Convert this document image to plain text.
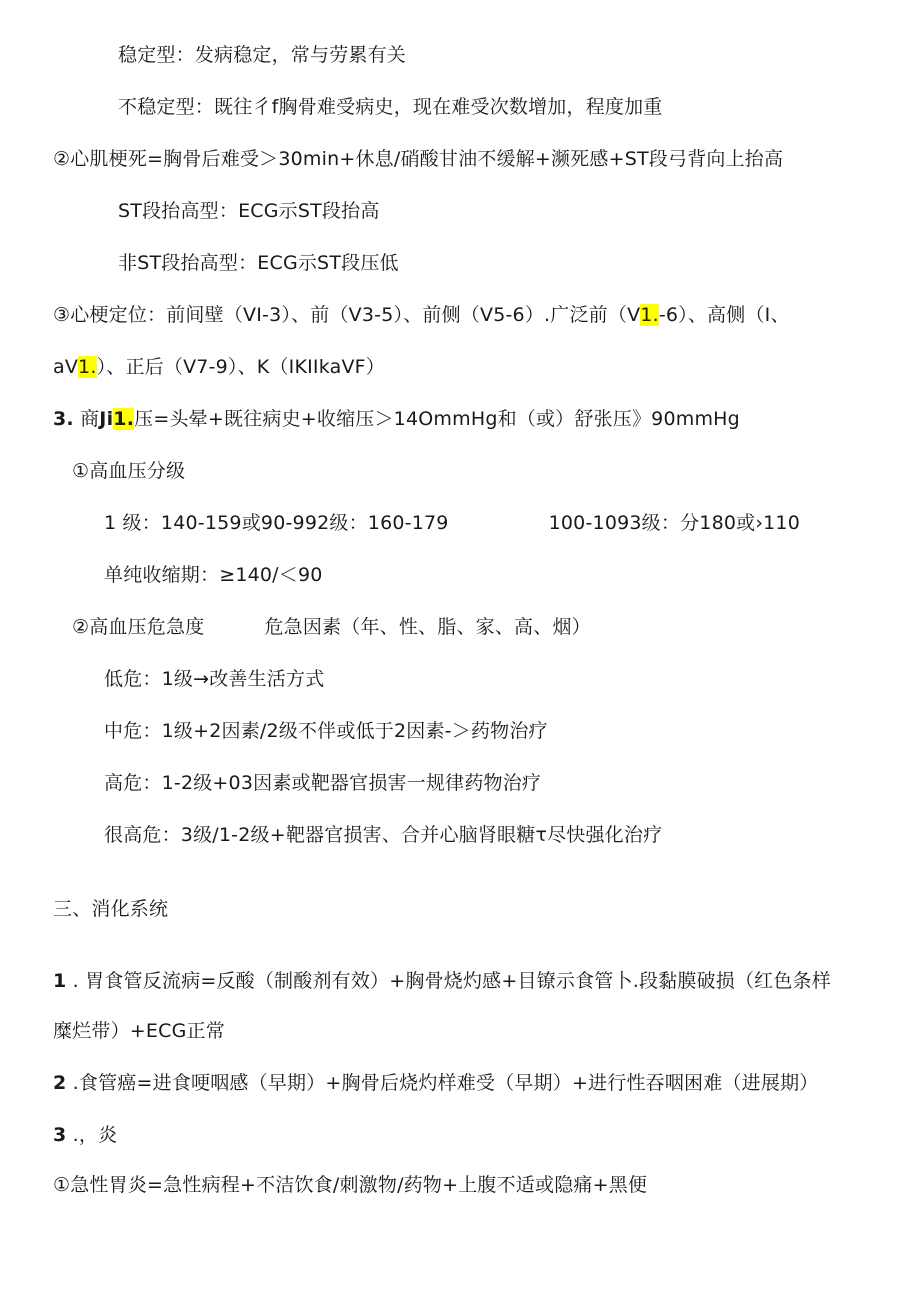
稳定型：发病稳定，常与劳累有关
不稳定型：既往彳f胸骨难受病史，现在难受次数增加，程度加重
②心肌梗死=胸骨后难受＞30min+休息/硝酸甘油不缓解+濒死感+ST段弓背向上抬高
ST段抬高型：ECG示ST段抬高
非ST段抬高型：ECG示ST段压低
③心梗定位：前间壁（VI-3）、前（V3-5）、前侧（V5-6）.广泛前（V1.-6）、高侧（I、
aV1.）、正后（V7-9）、K（IKIIkaVF）
3. 商Ji1.压=头晕+既往病史+收缩压＞14OmmHg和（或）舒张压》90mmHg
①高血压分级
1 级：140-159或90-992级：160-179	100-1093级：分180或›110
单纯收缩期：≥140∕＜90
②高血压危急度	危急因素（年、性、脂、家、高、烟）
低危：1级→改善生活方式
中危：1级+2因素/2级不伴或低于2因素-＞药物治疗
高危：1-2级+03因素或靶器官损害一规律药物治疗
很高危：3级/1-2级+靶器官损害、合并心脑肾眼糖τ尽快强化治疗
三、消化系统
1 . 胃食管反流病=反酸（制酸剂有效）+胸骨烧灼感+目镣示食管卜.段黏膜破损（红色条样
糜烂带）+ECG正常
2 .食管癌=进食哽咽感（早期）+胸骨后烧灼样难受（早期）+进行性吞咽困难（进展期）
3 .，炎
①急性胃炎=急性病程+不洁饮食/刺激物/药物+上腹不适或隐痛+黑便
